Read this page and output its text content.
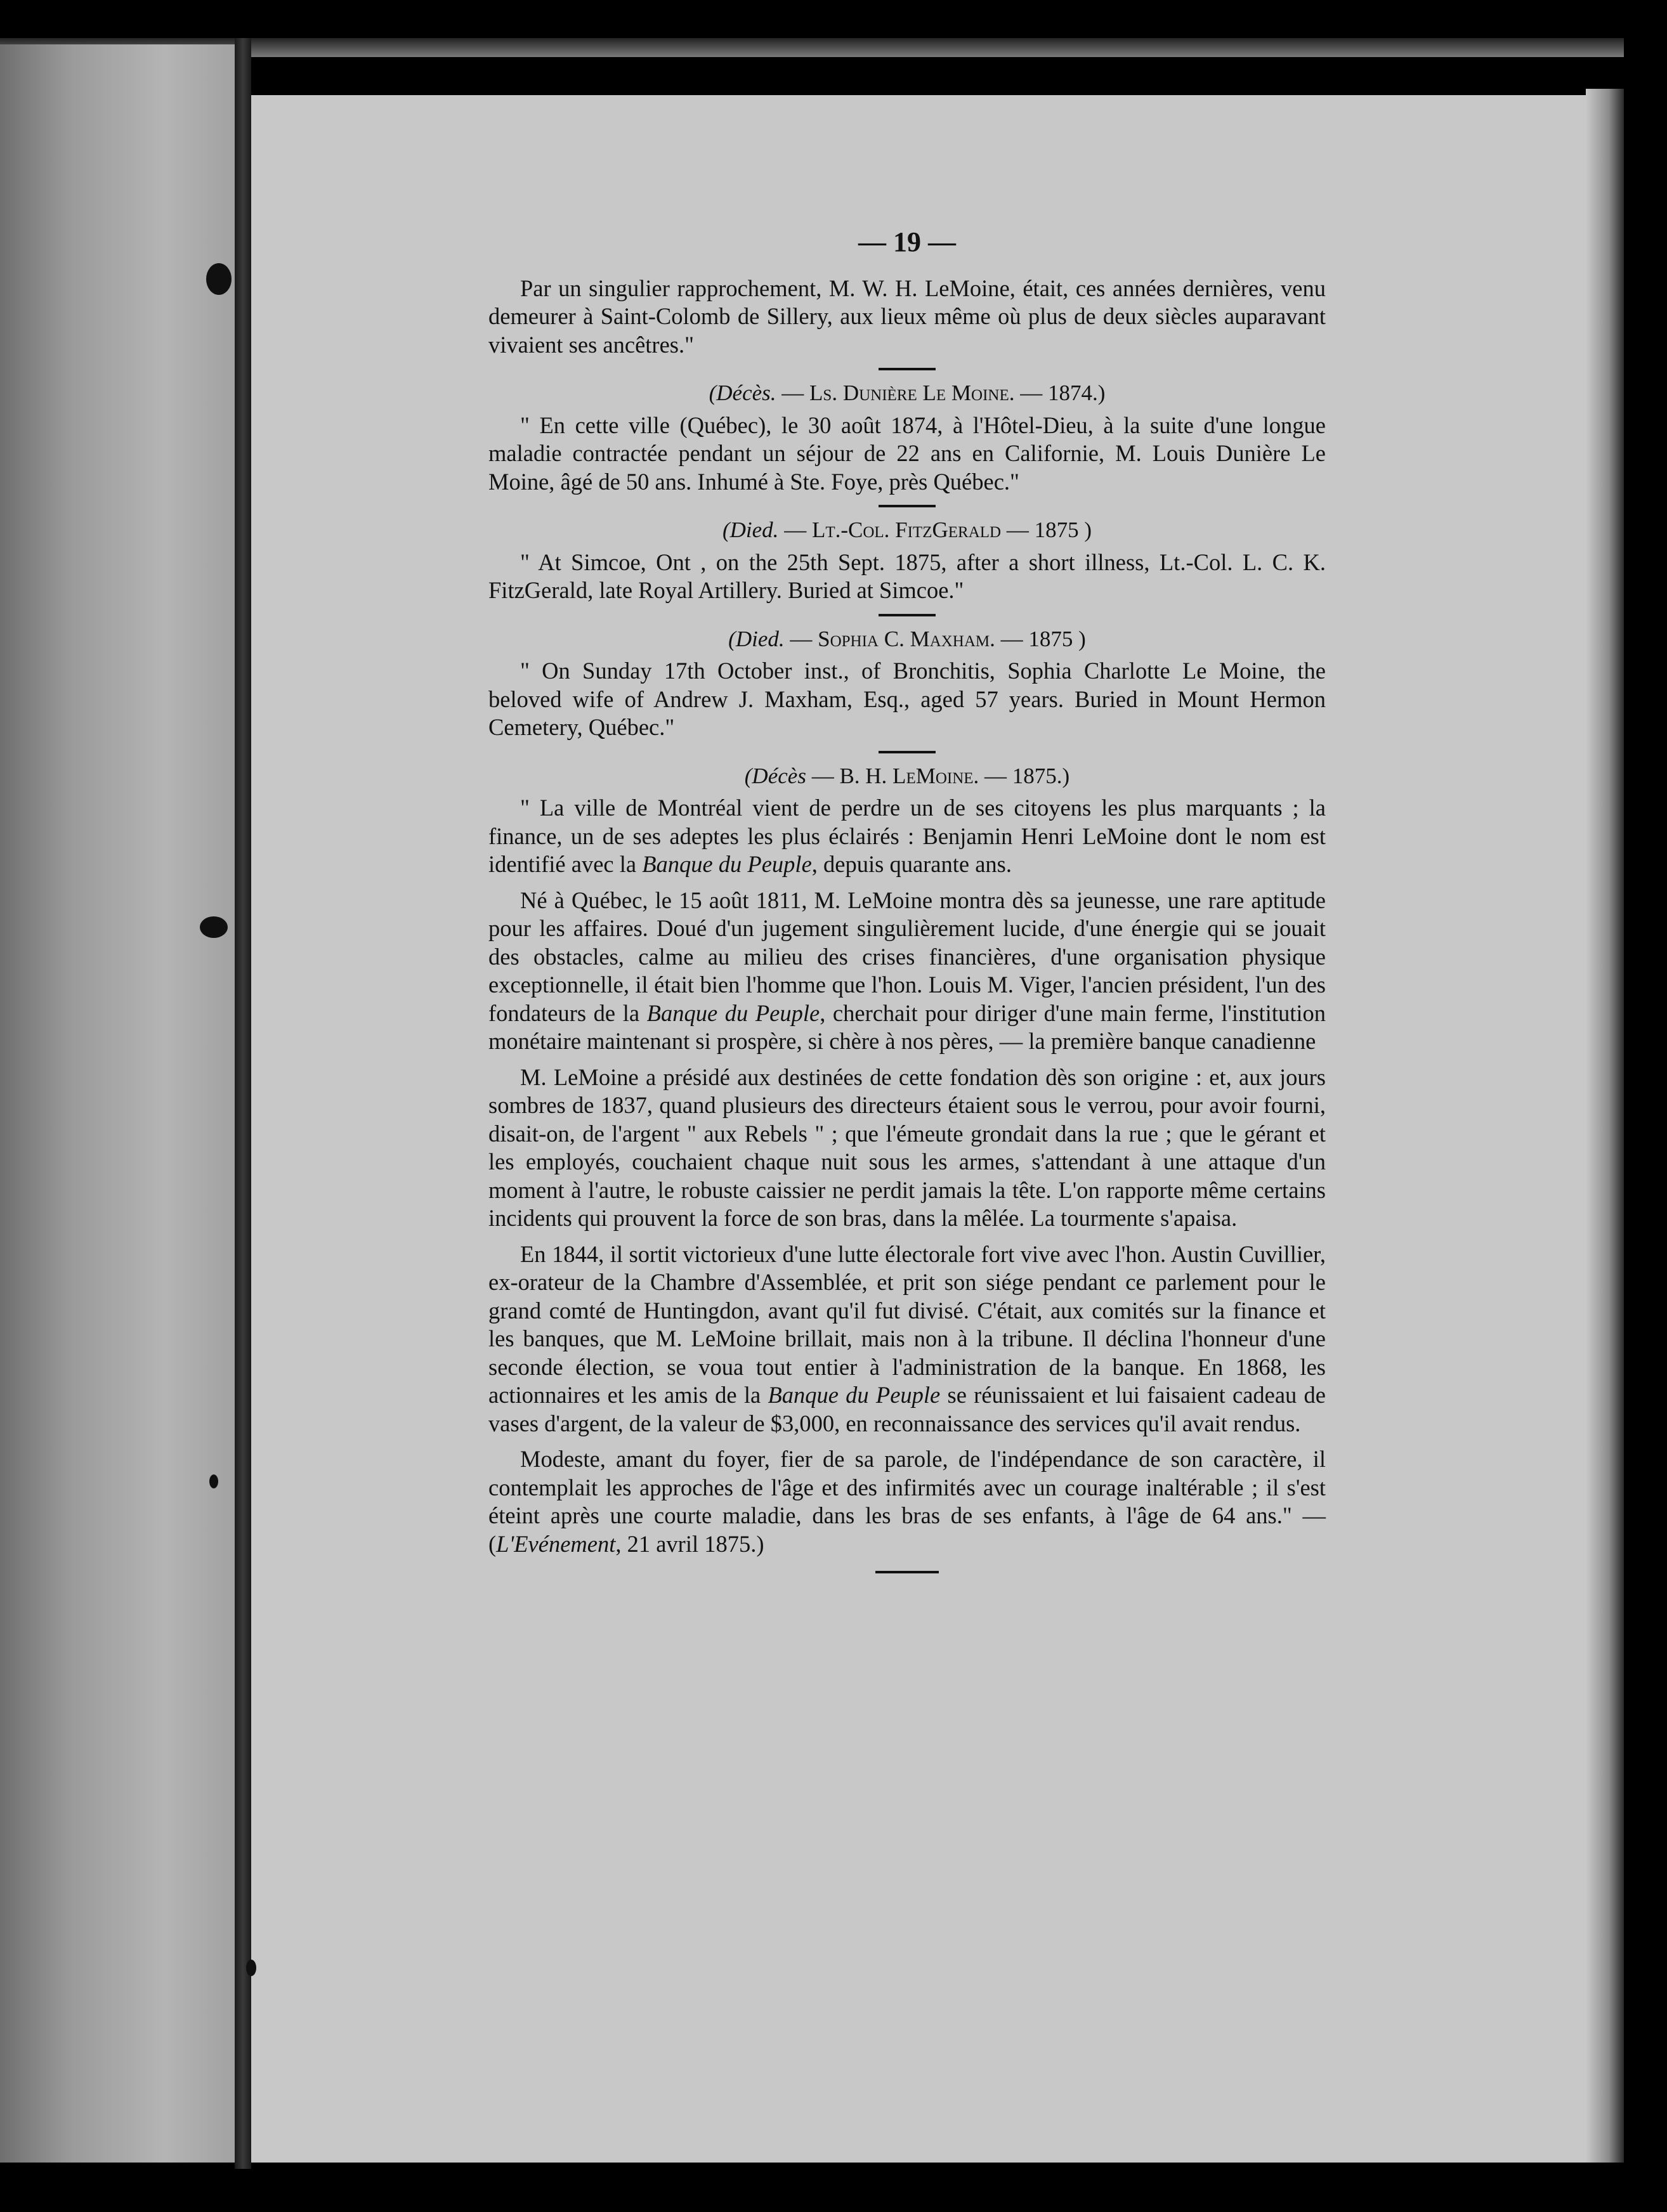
— 19 —

Par un singulier rapprochement, M. W. H. LeMoine, était, ces années dernières, venu demeurer à Saint-Colomb de Sillery, aux lieux même où plus de deux siècles auparavant vivaient ses ancêtres."

(Décès. — Ls. Dunière Le Moine. — 1874.)

" En cette ville (Québec), le 30 août 1874, à l'Hôtel-Dieu, à la suite d'une longue maladie contractée pendant un séjour de 22 ans en Californie, M. Louis Dunière Le Moine, âgé de 50 ans. Inhumé à Ste. Foye, près Québec."

(Died. — Lt.-Col. FitzGerald — 1875 )

" At Simcoe, Ont , on the 25th Sept. 1875, after a short illness, Lt.-Col. L. C. K. FitzGerald, late Royal Artillery. Buried at Simcoe."

(Died. — Sophia C. Maxham. — 1875 )

" On Sunday 17th October inst., of Bronchitis, Sophia Charlotte Le Moine, the beloved wife of Andrew J. Maxham, Esq., aged 57 years. Buried in Mount Hermon Cemetery, Québec."

(Décès — B. H. LeMoine. — 1875.)

" La ville de Montréal vient de perdre un de ses citoyens les plus marquants ; la finance, un de ses adeptes les plus éclairés : Benjamin Henri LeMoine dont le nom est identifié avec la Banque du Peuple, depuis quarante ans.

Né à Québec, le 15 août 1811, M. LeMoine montra dès sa jeunesse, une rare aptitude pour les affaires. Doué d'un jugement singulièrement lucide, d'une énergie qui se jouait des obstacles, calme au milieu des crises financières, d'une organisation physique exceptionnelle, il était bien l'homme que l'hon. Louis M. Viger, l'ancien président, l'un des fondateurs de la Banque du Peuple, cherchait pour diriger d'une main ferme, l'institution monétaire maintenant si prospère, si chère à nos pères, — la première banque canadienne

M. LeMoine a présidé aux destinées de cette fondation dès son origine : et, aux jours sombres de 1837, quand plusieurs des directeurs étaient sous le verrou, pour avoir fourni, disait-on, de l'argent " aux Rebels " ; que l'émeute grondait dans la rue ; que le gérant et les employés, couchaient chaque nuit sous les armes, s'attendant à une attaque d'un moment à l'autre, le robuste caissier ne perdit jamais la tête. L'on rapporte même certains incidents qui prouvent la force de son bras, dans la mêlée. La tourmente s'apaisa.

En 1844, il sortit victorieux d'une lutte électorale fort vive avec l'hon. Austin Cuvillier, ex-orateur de la Chambre d'Assemblée, et prit son siége pendant ce parlement pour le grand comté de Huntingdon, avant qu'il fut divisé. C'était, aux comités sur la finance et les banques, que M. LeMoine brillait, mais non à la tribune. Il déclina l'honneur d'une seconde élection, se voua tout entier à l'administration de la banque. En 1868, les actionnaires et les amis de la Banque du Peuple se réunissaient et lui faisaient cadeau de vases d'argent, de la valeur de $3,000, en reconnaissance des services qu'il avait rendus.

Modeste, amant du foyer, fier de sa parole, de l'indépendance de son caractère, il contemplait les approches de l'âge et des infirmités avec un courage inaltérable ; il s'est éteint après une courte maladie, dans les bras de ses enfants, à l'âge de 64 ans." — (L'Evénement, 21 avril 1875.)
